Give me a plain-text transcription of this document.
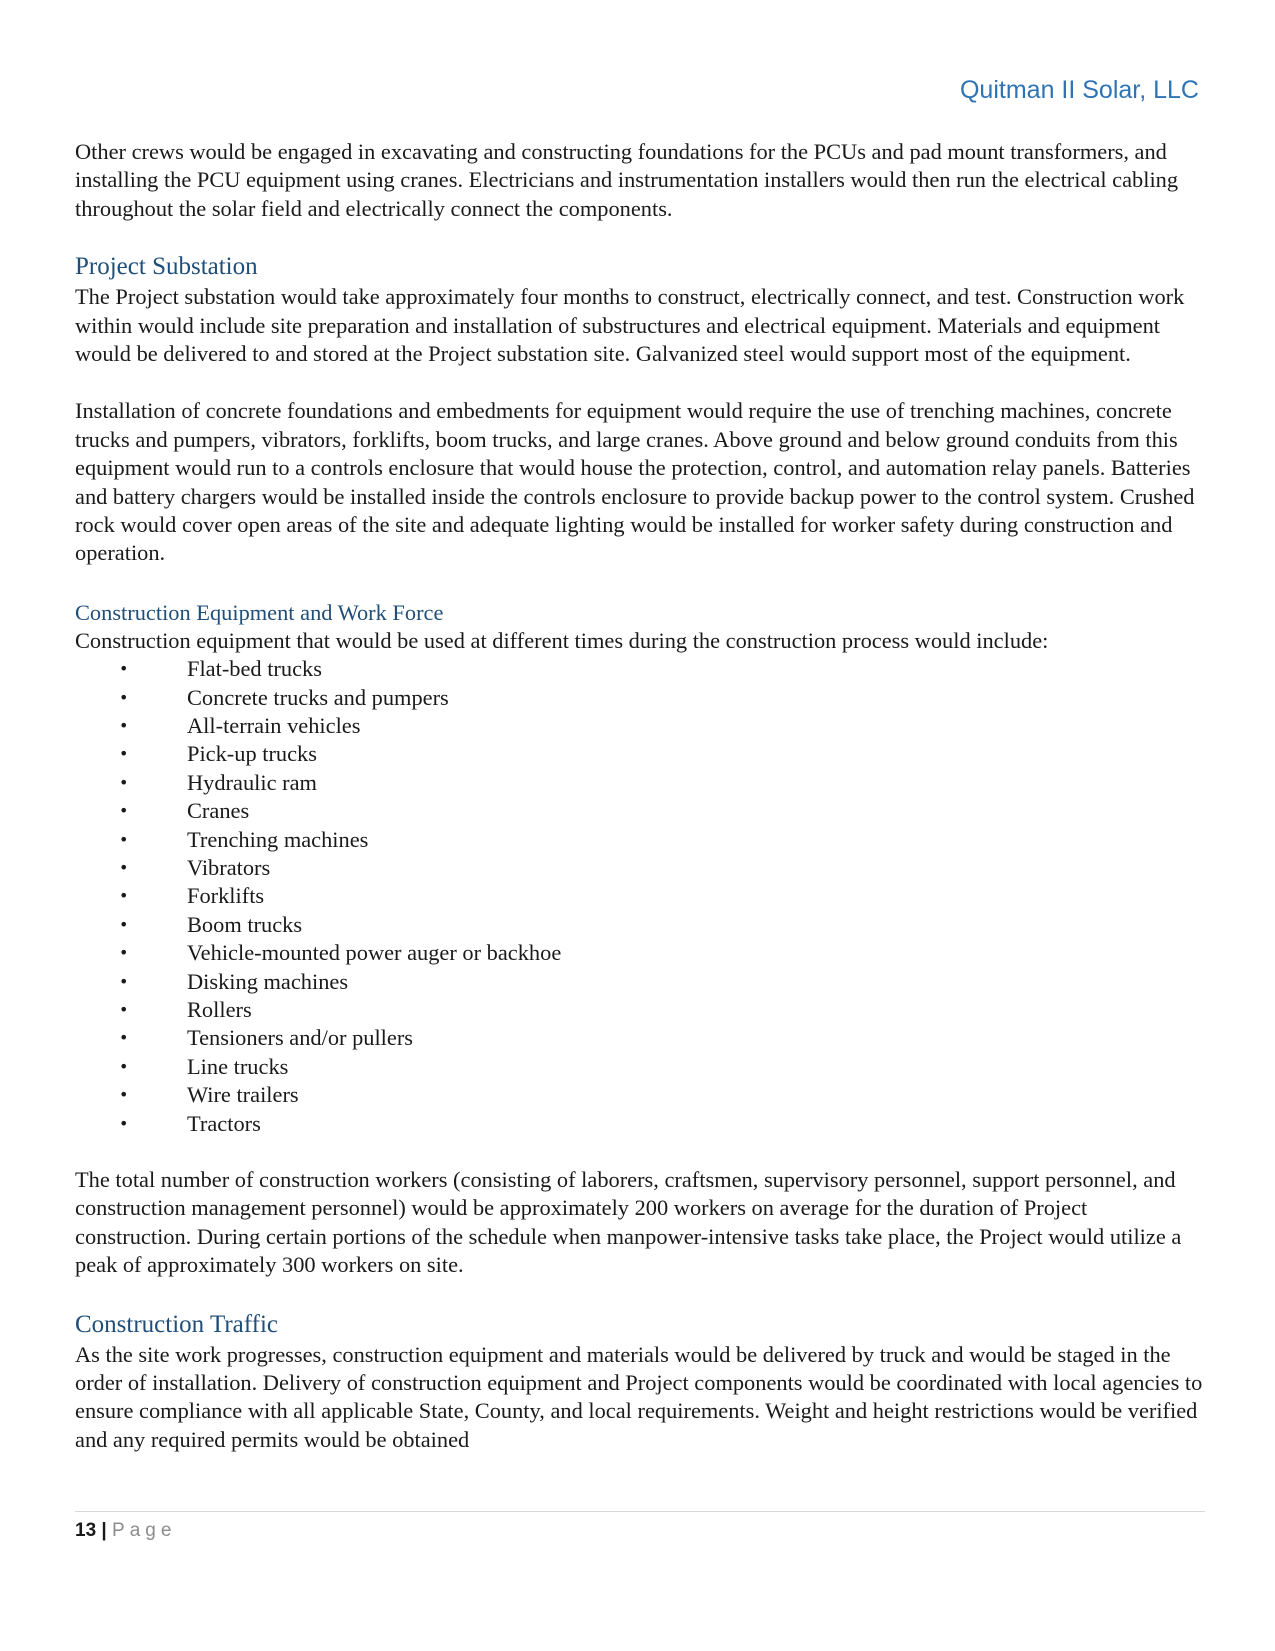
Quitman II Solar, LLC

Other crews would be engaged in excavating and constructing foundations for the PCUs and pad mount transformers, and installing the PCU equipment using cranes. Electricians and instrumentation installers would then run the electrical cabling throughout the solar field and electrically connect the components.

Project Substation

The Project substation would take approximately four months to construct, electrically connect, and test. Construction work within would include site preparation and installation of substructures and electrical equipment. Materials and equipment would be delivered to and stored at the Project substation site. Galvanized steel would support most of the equipment.

Installation of concrete foundations and embedments for equipment would require the use of trenching machines, concrete trucks and pumpers, vibrators, forklifts, boom trucks, and large cranes. Above ground and below ground conduits from this equipment would run to a controls enclosure that would house the protection, control, and automation relay panels. Batteries and battery chargers would be installed inside the controls enclosure to provide backup power to the control system. Crushed rock would cover open areas of the site and adequate lighting would be installed for worker safety during construction and operation.

Construction Equipment and Work Force

Construction equipment that would be used at different times during the construction process would include:

•	Flat-bed trucks
•	Concrete trucks and pumpers
•	All-terrain vehicles
•	Pick-up trucks
•	Hydraulic ram
•	Cranes
•	Trenching machines
•	Vibrators
•	Forklifts
•	Boom trucks
•	Vehicle-mounted power auger or backhoe
•	Disking machines
•	Rollers
•	Tensioners and/or pullers
•	Line trucks
•	Wire trailers
•	Tractors

The total number of construction workers (consisting of laborers, craftsmen, supervisory personnel, support personnel, and construction management personnel) would be approximately 200 workers on average for the duration of Project construction. During certain portions of the schedule when manpower-intensive tasks take place, the Project would utilize a peak of approximately 300 workers on site.

Construction Traffic

As the site work progresses, construction equipment and materials would be delivered by truck and would be staged in the order of installation. Delivery of construction equipment and Project components would be coordinated with local agencies to ensure compliance with all applicable State, County, and local requirements. Weight and height restrictions would be verified and any required permits would be obtained

13 | Page
